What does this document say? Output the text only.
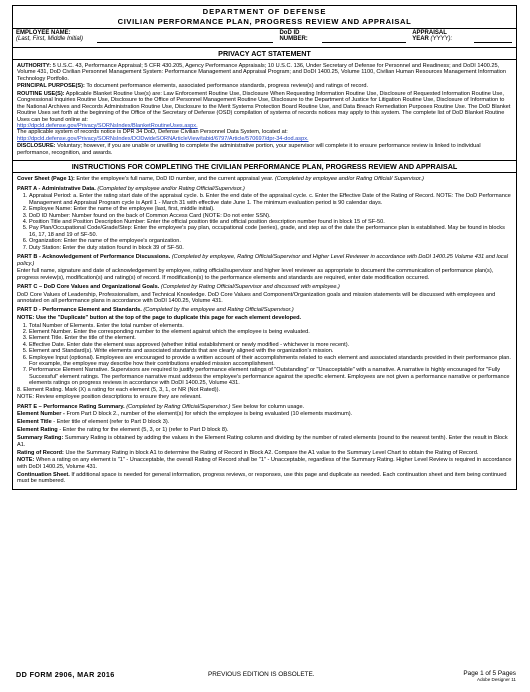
DEPARTMENT OF DEFENSE
CIVILIAN PERFORMANCE PLAN, PROGRESS REVIEW AND APPRAISAL
EMPLOYEE NAME:
(Last, First, Middle Initial)
DoD ID
NUMBER:
APPRAISAL
YEAR (YYYY):
PRIVACY ACT STATEMENT

AUTHORITY: 5 U.S.C. 43, Performance Appraisal; 5 CFR 430.205, Agency Performance Appraisals; 10 U.S.C. 136, Under Secretary of Defense for Personnel and Readiness; and DoDI 1400.25, Volume 431, DoD Civilian Personnel Management System: Performance Management and Appraisal Program; and DoDI 1400.25, Volume 1100, Civilian Human Resources Management Information Technology Portfolio.

PRINCIPAL PURPOSE(S): To document performance elements, associated performance standards, progress review(s) and ratings of record.

ROUTINE USE(S): Applicable Blanket Routine Use(s) are: Law Enforcement Routine Use, Disclosure When Requesting Information Routine Use, Disclosure of Requested Information Routine Use, Congressional Inquiries Routine Use, Disclosure to the Office of Personnel Management Routine Use, Disclosure to the Department of Justice for Litigation Routine Use, Disclosure of Information to the National Archives and Records Administration Routine Use, Disclosure to the Merit Systems Protection Board Routine Use, and Data Breach Remediation Purposes Routine Use. The DoD Blanket Routine Uses set forth at the beginning of the Office of the Secretary of Defense (OSD) compilation of systems of records notices may apply to this system. The complete list of DoD Blanket Routine Uses can be found online at:
http://dpcld.defense.gov/Privacy/SORNsIndex/BlanketRoutineUses.aspx.

The applicable system of records notice is DPR 34 DoD, Defense Civilian Personnel Data System, located at:
http://dpcld.defense.gov/Privacy/SORNsIndex/DODwideSORNArticleView/tabid/6797/Article/570697/dpr-34-dod.aspx.

DISCLOSURE: Voluntary; however, if you are unable or unwilling to complete the administrative portion, your supervisor will complete it to ensure performance review is linked to individual performance, recognition, and awards.

INSTRUCTIONS FOR COMPLETING THE CIVILIAN PERFORMANCE PLAN, PROGRESS REVIEW AND APPRAISAL

Cover Sheet (Page 1): Enter the employee's full name, DoD ID number, and the current appraisal year. (Completed by employee and/or Rating Official/ Supervisor.)

PART A - Administrative Data. (Completed by employee and/or Rating Official/Supervisor.)

1. Appraisal Period: a. Enter the rating start date of the appraisal cycle. b. Enter the end date of the appraisal cycle. c. Enter the Effective Date of the Rating of Record. NOTE: The DoD Performance Management and Appraisal Program cycle is April 1 - March 31 with effective date June 1. The minimum evaluation period is 90 calendar days.
2. Employee Name: Enter the name of the employee (last, first, middle initial).
3. DoD ID Number: Number found on the back of Common Access Card (NOTE: Do not enter SSN).
4. Position Title and Position Description Number: Enter the official position title and official position description number found in block 15 of SF-50.
5. Pay Plan/Occupational Code/Grade/Step: Enter the employee's pay plan, occupational code (series), grade, and step as of the date the performance plan is established. May be found in blocks 16, 17, 18 and 19 of SF-50.
6. Organization: Enter the name of the employee's organization.
7. Duty Station: Enter the duty station found in block 39 of SF-50.

PART B - Acknowledgement of Performance Discussions. (Completed by employee, Rating Official/Supervisor and Higher Level Reviewer in accordance with DoDI 1400.25 Volume 431 and local policy.)

Enter full name, signature and date of acknowledgement by employee, rating official/supervisor and higher level reviewer as appropriate to document the communication of performance plan(s), progress review(s), modification(s) and rating(s) of record. If modification(s) to the performance elements and standards are required, enter date modification occurred.

PART C – DoD Core Values and Organizational Goals. (Completed by Rating Official/Supervisor and discussed with employee.)

DoD Core Values of Leadership, Professionalism, and Technical Knowledge. DoD Core Values and Component/Organization goals and mission statements will be discussed with employees and annotated on all performance plans in accordance with DoDI 1400.25, Volume 431.

PART D - Performance Element and Standards. (Completed by the employee and Rating Official/Supervisor.)

NOTE: Use the "Duplicate" button at the top of the page to duplicate this page for each element developed.

1. Total Number of Elements. Enter the total number of elements.
2. Element Number. Enter the corresponding number to the element against which the employee is being evaluated.
3. Element Title. Enter the title of the element.
4. Effective Date. Enter date the element was approved (whether initial establishment or newly modified - whichever is more recent).
5. Element and Standard(s). Write elements and associated standards that are clearly aligned with the organization's mission.
6. Employee Input (optional). Employees are encouraged to provide a written account of their accomplishments related to each element and associated standards provided in their performance plan. For example, the employee may describe how their contributions enabled mission accomplishment.
7. Performance Element Narrative. Supervisors are required to justify performance element ratings of "Outstanding" or "Unacceptable" with a narrative. A narrative is highly encouraged for "Fully Successful" element ratings. The performance narrative must address the employee's performance against the specific element. Employees are not given a performance narrative or performance elements ratings on progress reviews in accordance with DoDI 1400.25, Volume 431.

8. Element Rating. Mark (X) a rating for each element (5, 3, 1, or NR (Not Rated)).

NOTE: Review employee position descriptions to ensure they are relevant.

PART E – Performance Rating Summary. (Completed by Rating Official/Supervisor.) See below for column usage.

Element Number - From Part D block 2., number of the element(s) for which the employee is being evaluated (10 elements maximum).

Element Title - Enter title of element (refer to Part D block 3).

Element Rating - Enter the rating for the element (5, 3, or 1) (refer to Part D block 8).

Summary Rating: Summary Rating is obtained by adding the values in the Element Rating column and dividing by the number of rated elements (round to the nearest tenth). Enter the result in Block A1.

Rating of Record: Use the Summary Rating in block A1 to determine the Rating of Record in Block A2. Compare the A1 value to the Summary Level Chart to obtain the Rating of Record.

NOTE: When a rating on any element is "1" - Unacceptable, the overall Rating of Record shall be "1" - Unacceptable, regardless of the Summary Rating. Higher Level Review is required in accordance with DoDI 1400.25, Volume 431.

Continuation Sheet. If additional space is needed for general information, progress reviews, or responses, use this page and duplicate as needed. Each continuation sheet and item being continued must be numbered.

DD FORM 2906, MAR 2016	PREVIOUS EDITION IS OBSOLETE.	Page 1 of 5 Pages
Adobe Designer 11
